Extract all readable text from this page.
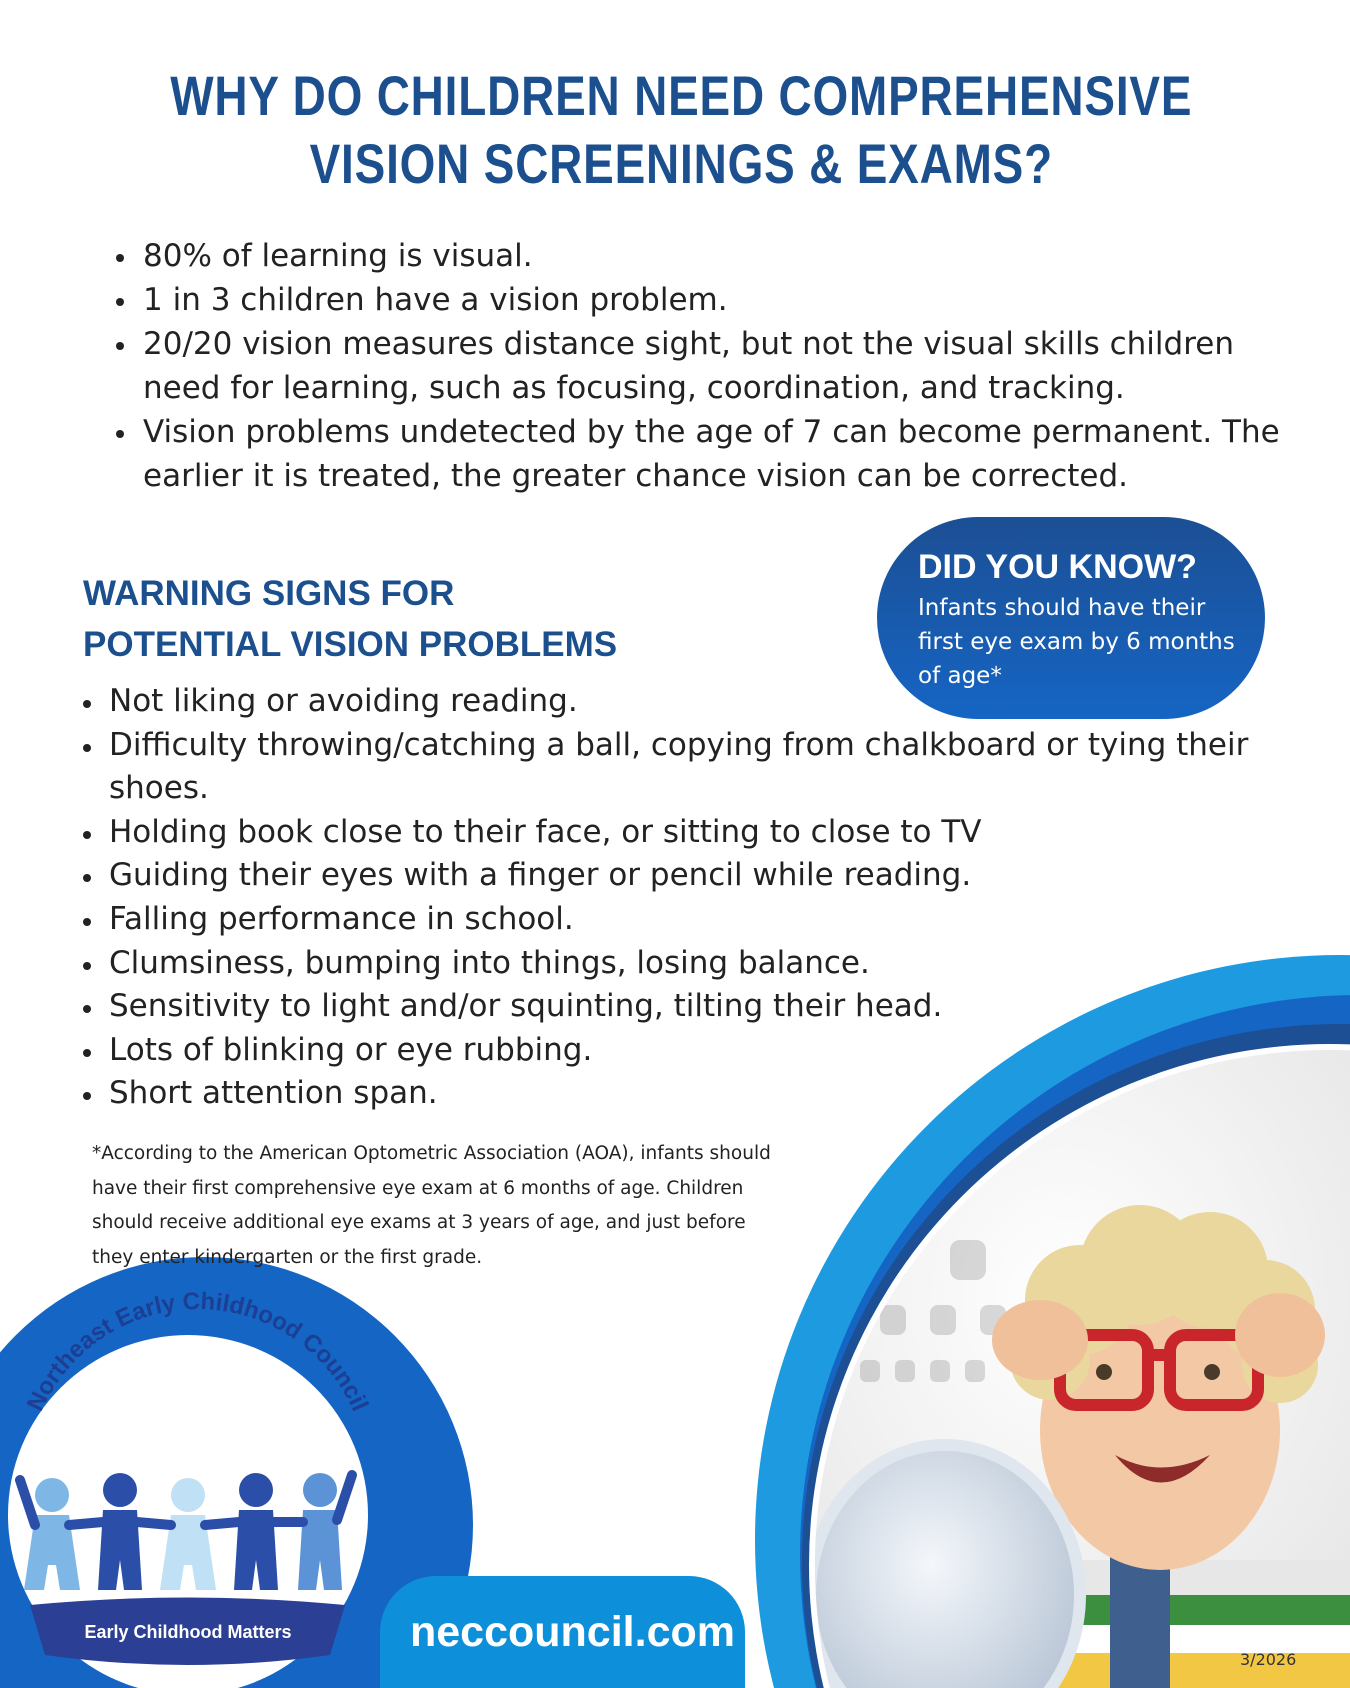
Northeast Early Childhood Council
Early Childhood Matters
WHY DO CHILDREN NEED COMPREHENSIVE
VISION SCREENINGS & EXAMS?
80% of learning is visual.
1 in 3 children have a vision problem.
20/20 vision measures distance sight, but not the visual skills children need for learning, such as focusing, coordination, and tracking.
Vision problems undetected by the age of 7 can become permanent. The earlier it is treated, the greater chance vision can be corrected.
WARNING SIGNS FOR
POTENTIAL VISION PROBLEMS
DID YOU KNOW?
Infants should have their first eye exam by 6 months of age*
Not liking or avoiding reading.
Difficulty throwing/catching a ball, copying from chalkboard or tying their shoes.
Holding book close to their face, or sitting to close to TV
Guiding their eyes with a finger or pencil while reading.
Falling performance in school.
Clumsiness, bumping into things, losing balance.
Sensitivity to light and/or squinting, tilting their head.
Lots of blinking or eye rubbing.
Short attention span.

*According to the American Optometric Association (AOA), infants should have their first comprehensive eye exam at 6 months of age. Children should receive additional eye exams at 3 years of age, and just before they enter kindergarten or the first grade.

neccouncil.com
3/2026
